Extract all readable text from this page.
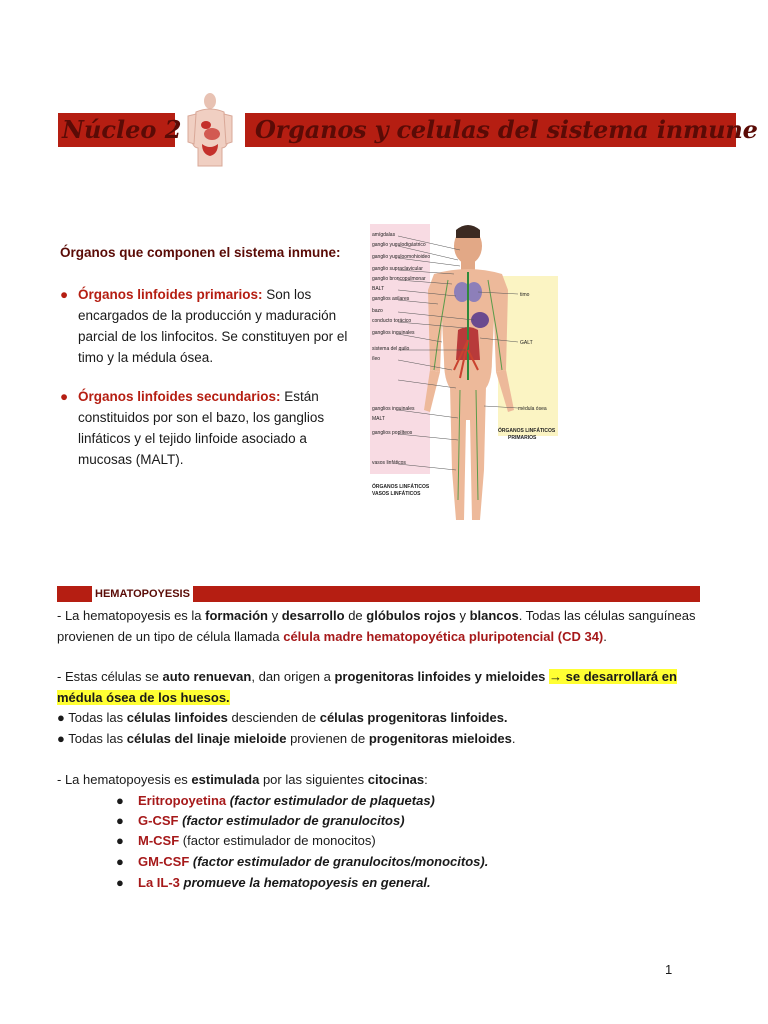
Núcleo 2	Organos y celulas del sistema inmune
Órganos que componen el sistema inmune:
● Órganos linfoides primarios: Son los encargados de la producción y maduración parcial de los linfocitos. Se constituyen por el timo y la médula ósea.
● Órganos linfoides secundarios: Están constituidos por son el bazo, los ganglios linfáticos y el tejido linfoide asociado a mucosas (MALT).
amígdalas
ganglio yugulodigástrico
ganglio yuguloomohioideo
ganglio supraclavicular
ganglio broncopulmonar
BALT
ganglios axilares
bazo
conducto torácico
ganglios inguinales
sistema del quilo
íleo
ganglios inguinales
MALT
ganglios poplíteos
vasos linfáticos
timo
GALT
médula ósea
ÓRGANOS LINFÁTICOS
VASOS LINFÁTICOS
ÓRGANOS LINFÁTICOS
PRIMARIOS
HEMATOPOYESIS
- La hematopoyesis es la formación y desarrollo de glóbulos rojos y blancos. Todas las células sanguíneas provienen de un tipo de célula llamada célula madre hematopoyética pluripotencial (CD 34).
- Estas células se auto renuevan, dan origen a progenitoras linfoides y mieloides → se desarrollará en médula ósea de los huesos.
● Todas las células linfoides descienden de células progenitoras linfoides.
● Todas las células del linaje mieloide provienen de progenitoras mieloides.
- La hematopoyesis es estimulada por las siguientes citocinas:
● Eritropoyetina (factor estimulador de plaquetas)
● G-CSF (factor estimulador de granulocitos)
● M-CSF (factor estimulador de monocitos)
● GM-CSF (factor estimulador de granulocitos/monocitos).
● La IL-3 promueve la hematopoyesis en general.
1
